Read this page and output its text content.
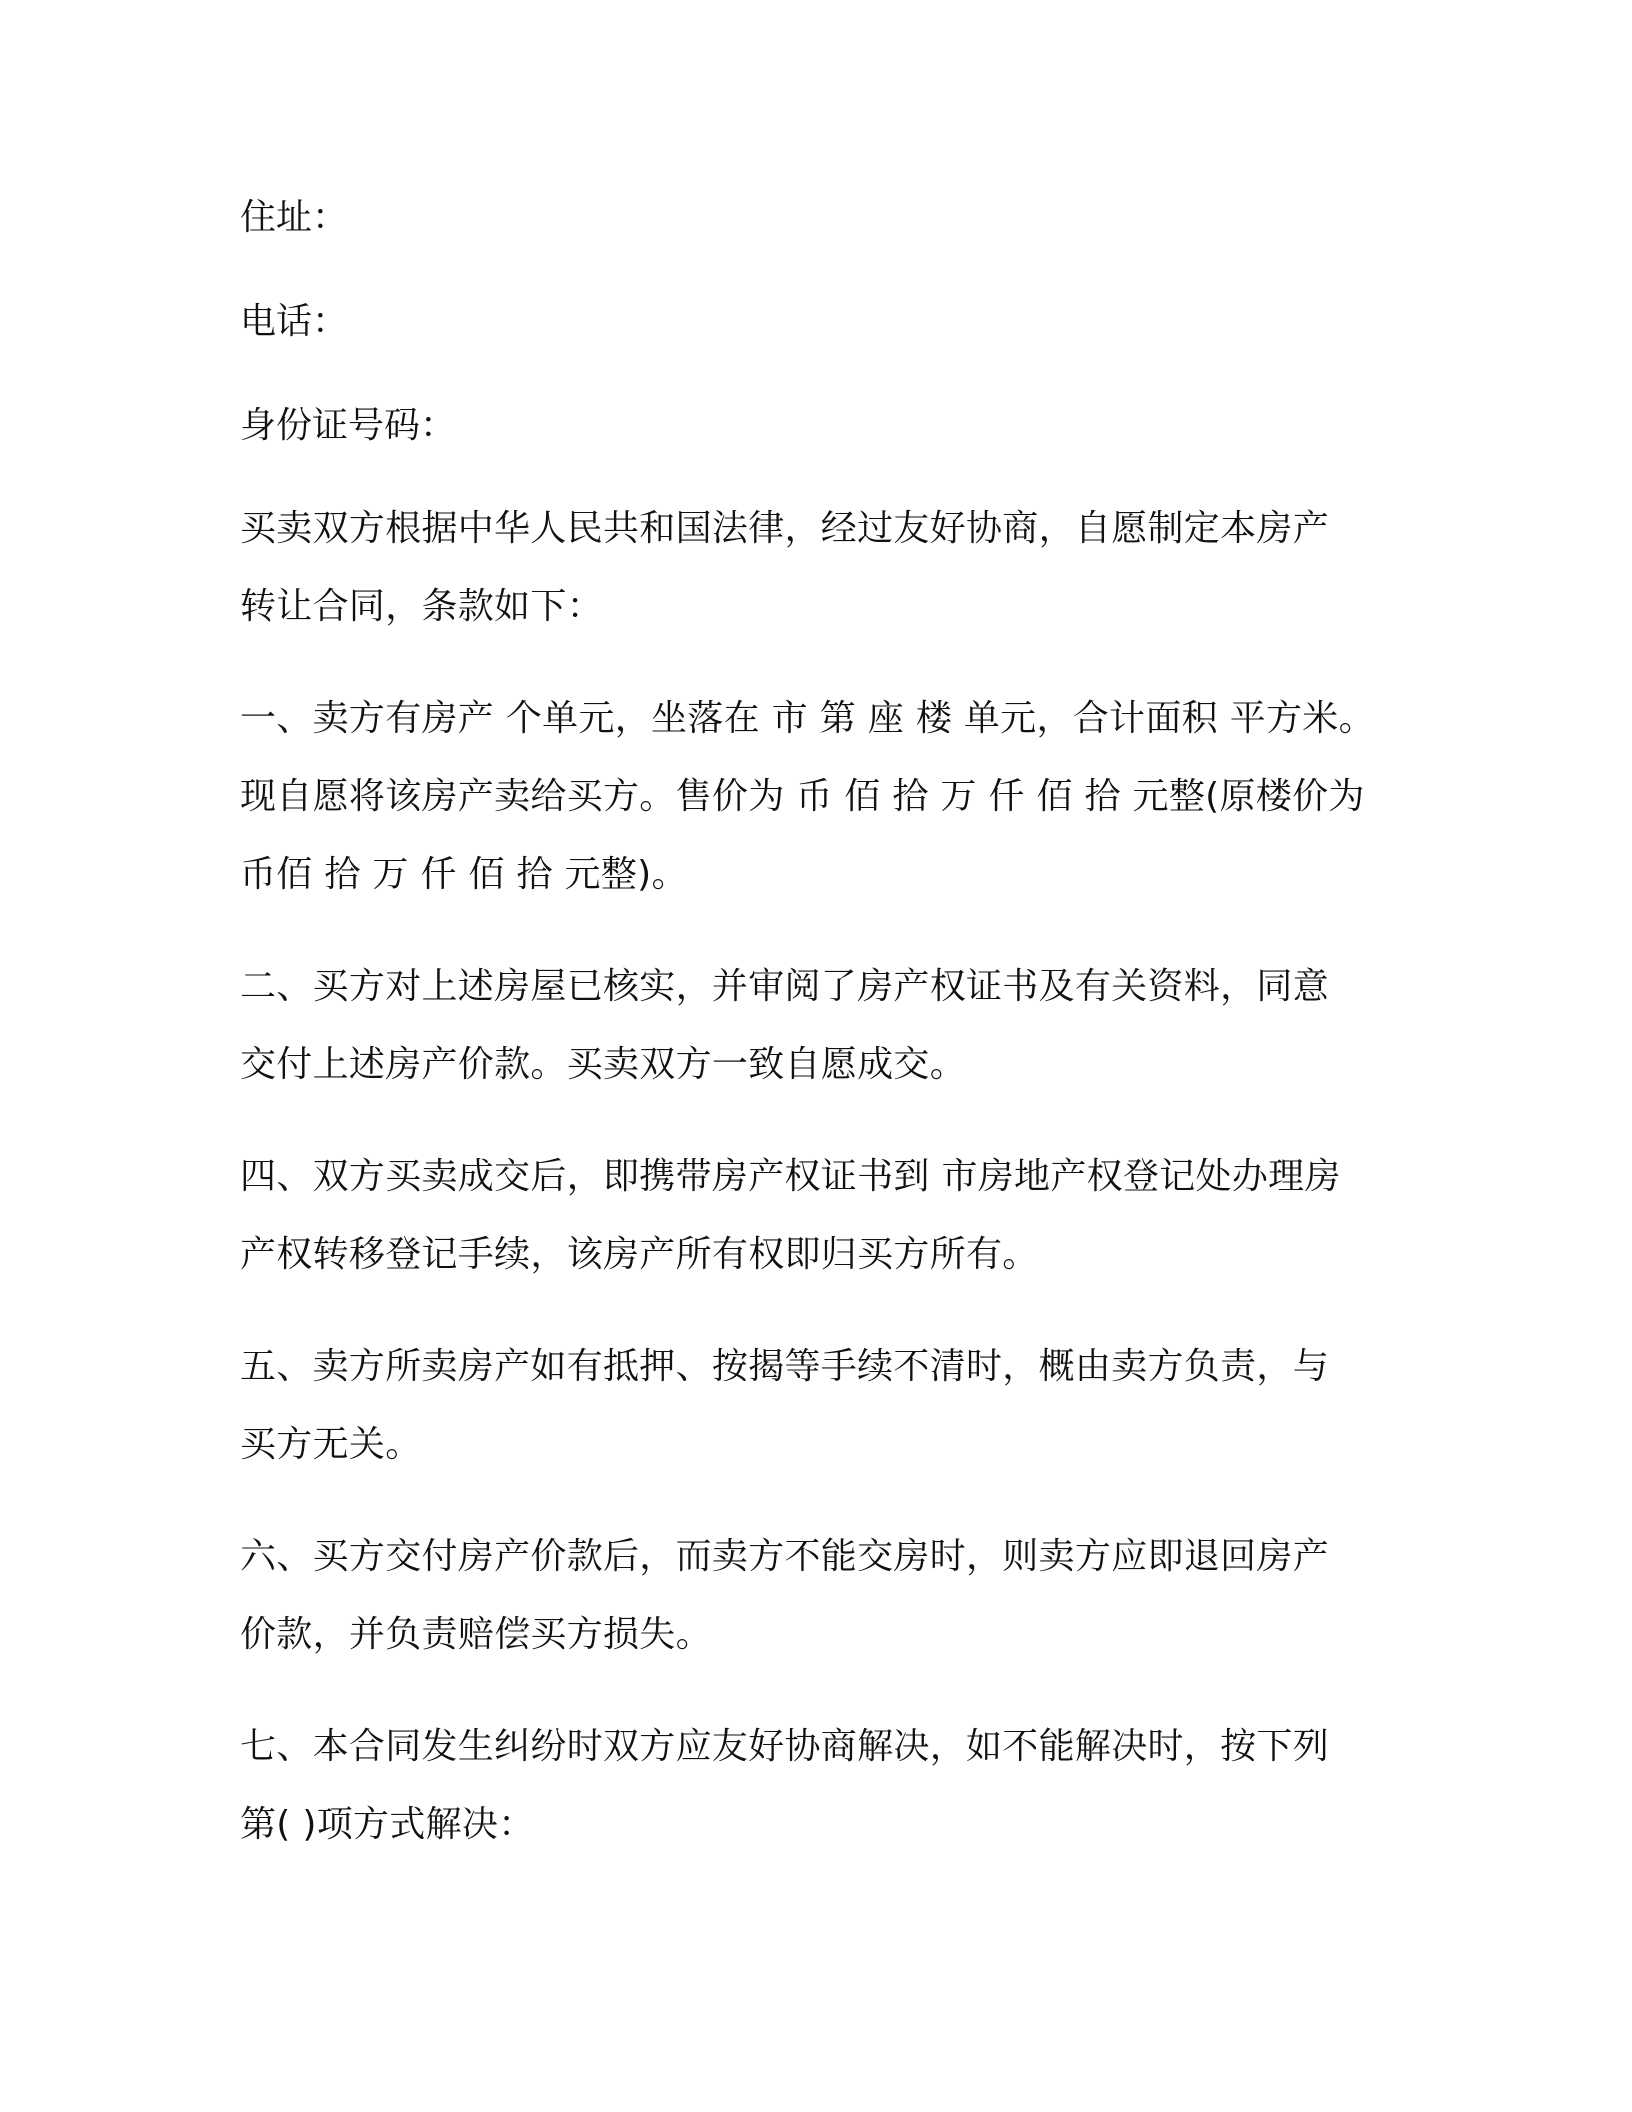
住址：
电话：
身份证号码：
买卖双方根据中华人民共和国法律，经过友好协商，自愿制定本房产
转让合同，条款如下：
一、卖方有房产 个单元，坐落在 市 第 座 楼 单元，合计面积 平方米。
现自愿将该房产卖给买方。售价为 币 佰 拾 万 仟 佰 拾 元整(原楼价为
币佰 拾 万 仟 佰 拾 元整)。
二、买方对上述房屋已核实，并审阅了房产权证书及有关资料，同意
交付上述房产价款。买卖双方一致自愿成交。
四、双方买卖成交后，即携带房产权证书到 市房地产权登记处办理房
产权转移登记手续，该房产所有权即归买方所有。
五、卖方所卖房产如有抵押、按揭等手续不清时，概由卖方负责，与
买方无关。
六、买方交付房产价款后，而卖方不能交房时，则卖方应即退回房产
价款，并负责赔偿买方损失。
七、本合同发生纠纷时双方应友好协商解决，如不能解决时，按下列
第( )项方式解决：
